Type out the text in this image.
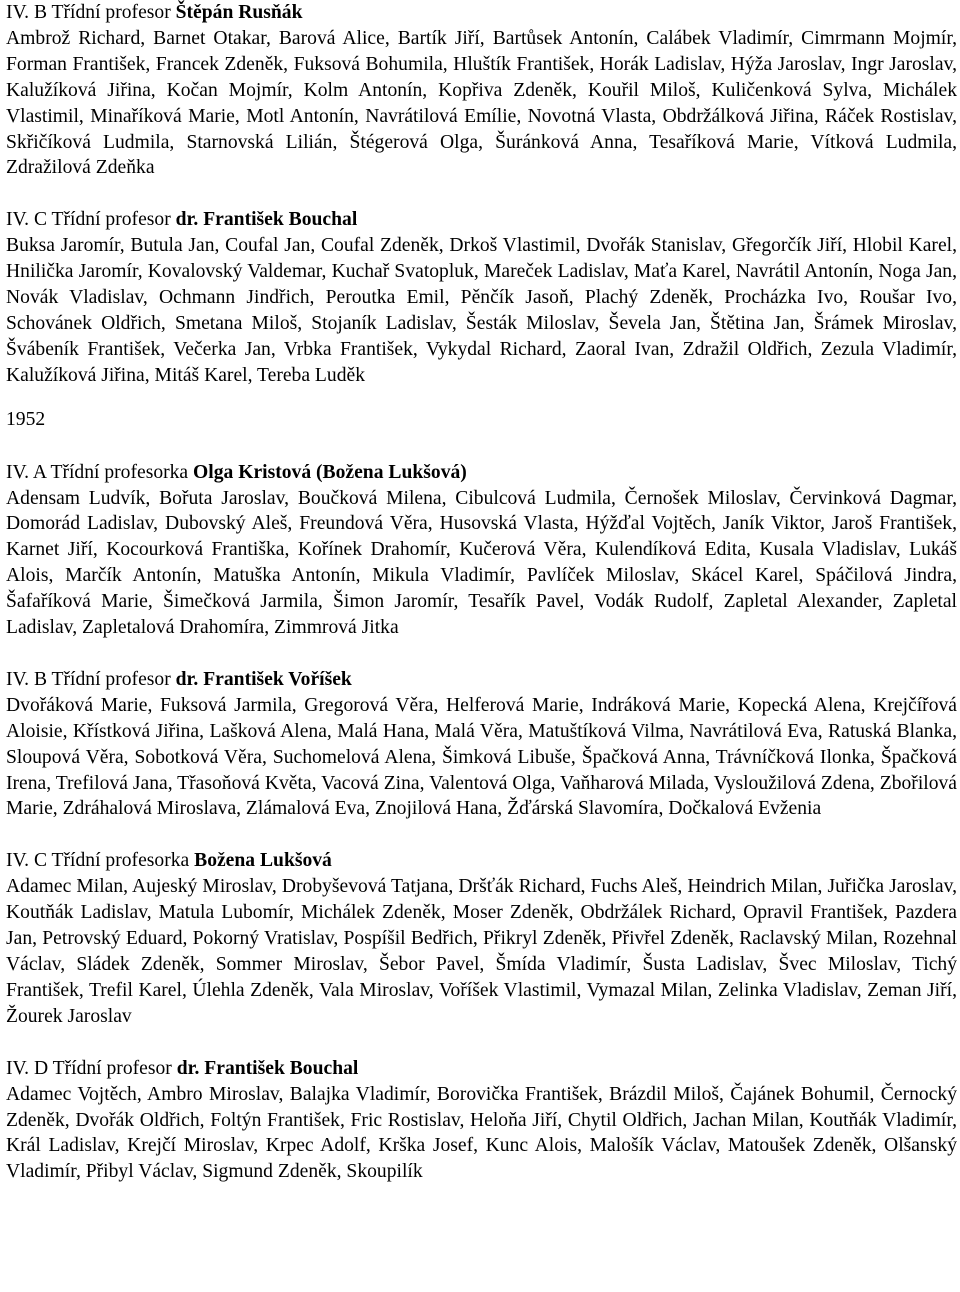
IV. B Třídní profesor Štěpán Rusňák
Ambrož Richard, Barnet Otakar, Barová Alice, Bartík Jiří, Bartůsek Antonín, Calábek Vladimír, Cimrmann Mojmír, Forman František, Francek Zdeněk, Fuksová Bohumila, Hluštík František, Horák Ladislav, Hýža Jaroslav, Ingr Jaroslav, Kalužíková Jiřina, Kočan Mojmír, Kolm Antonín, Kopřiva Zdeněk, Kouřil Miloš, Kuličenková Sylva, Michálek Vlastimil, Minaříková Marie, Motl Antonín, Navrátilová Emílie, Novotná Vlasta, Obdržálková Jiřina, Ráček Rostislav, Skřičíková Ludmila, Starnovská Lilián, Štégerová Olga, Šuránková Anna, Tesaříková Marie, Vítková Ludmila, Zdražilová Zdeňka
IV. C Třídní profesor dr. František Bouchal
Buksa Jaromír, Butula Jan, Coufal Jan, Coufal Zdeněk, Drkoš Vlastimil, Dvořák Stanislav, Gřegorčík Jiří, Hlobil Karel, Hnilička Jaromír, Kovalovský Valdemar, Kuchař Svatopluk, Mareček Ladislav, Maťa Karel, Navrátil Antonín, Noga Jan, Novák Vladislav, Ochmann Jindřich, Peroutka Emil, Pěnčík Jasoň, Plachý Zdeněk, Procházka Ivo, Roušar Ivo, Schovánek Oldřich, Smetana Miloš, Stojaník Ladislav, Šesták Miloslav, Ševela Jan, Štětina Jan, Šrámek Miroslav, Švábeník František, Večerka Jan, Vrbka František, Vykydal Richard, Zaoral Ivan, Zdražil Oldřich, Zezula Vladimír, Kalužíková Jiřina, Mitáš Karel, Tereba Luděk
1952
IV. A Třídní profesorka Olga Kristová (Božena Lukšová)
Adensam Ludvík, Bořuta Jaroslav, Boučková Milena, Cibulcová Ludmila, Černošek Miloslav, Červinková Dagmar, Domorád Ladislav, Dubovský Aleš, Freundová Věra, Husovská Vlasta, Hýžďal Vojtěch, Janík Viktor, Jaroš František, Karnet Jiří, Kocourková Františka, Kořínek Drahomír, Kučerová Věra, Kulendíková Edita, Kusala Vladislav, Lukáš Alois, Marčík Antonín, Matuška Antonín, Mikula Vladimír, Pavlíček Miloslav, Skácel Karel, Spáčilová Jindra, Šafaříková Marie, Šimečková Jarmila, Šimon Jaromír, Tesařík Pavel, Vodák Rudolf, Zapletal Alexander, Zapletal Ladislav, Zapletalová Drahomíra, Zimmrová Jitka
IV. B Třídní profesor dr. František Voříšek
Dvořáková Marie, Fuksová Jarmila, Gregorová Věra, Helferová Marie, Indráková Marie, Kopecká Alena, Krejčířová Aloisie, Křístková Jiřina, Lašková Alena, Malá Hana, Malá Věra, Matuštíková Vilma, Navrátilová Eva, Ratuská Blanka, Sloupová Věra, Sobotková Věra, Suchomelová Alena, Šimková Libuše, Špačková Anna, Trávníčková Ilonka, Špačková Irena, Trefilová Jana, Třasoňová Květa, Vacová Zina, Valentová Olga, Vaňharová Milada, Vysloužilová Zdena, Zbořilová Marie, Zdráhalová Miroslava, Zlámalová Eva, Znojilová Hana, Žďárská Slavomíra, Dočkalová Evženia
IV. C Třídní profesorka Božena Lukšová
Adamec Milan, Aujeský Miroslav, Drobyševová Tatjana, Dršťák Richard, Fuchs Aleš, Heindrich Milan, Juřička Jaroslav, Koutňák Ladislav, Matula Lubomír, Michálek Zdeněk, Moser Zdeněk, Obdržálek Richard, Opravil František, Pazdera Jan, Petrovský Eduard, Pokorný Vratislav, Pospíšil Bedřich, Přikryl Zdeněk, Přivřel Zdeněk, Raclavský Milan, Rozehnal Václav, Sládek Zdeněk, Sommer Miroslav, Šebor Pavel, Šmída Vladimír, Šusta Ladislav, Švec Miloslav, Tichý František, Trefil Karel, Úlehla Zdeněk, Vala Miroslav, Voříšek Vlastimil, Vymazal Milan, Zelinka Vladislav, Zeman Jiří, Žourek Jaroslav
IV. D Třídní profesor dr. František Bouchal
Adamec Vojtěch, Ambro Miroslav, Balajka Vladimír, Borovička František, Brázdil Miloš, Čajánek Bohumil, Černocký Zdeněk, Dvořák Oldřich, Foltýn František, Fric Rostislav, Heloňa Jiří, Chytil Oldřich, Jachan Milan, Koutňák Vladimír, Král Ladislav, Krejčí Miroslav, Krpec Adolf, Krška Josef, Kunc Alois, Malošík Václav, Matoušek Zdeněk, Olšanský Vladimír, Přibyl Václav, Sigmund Zdeněk, Skoupilík
